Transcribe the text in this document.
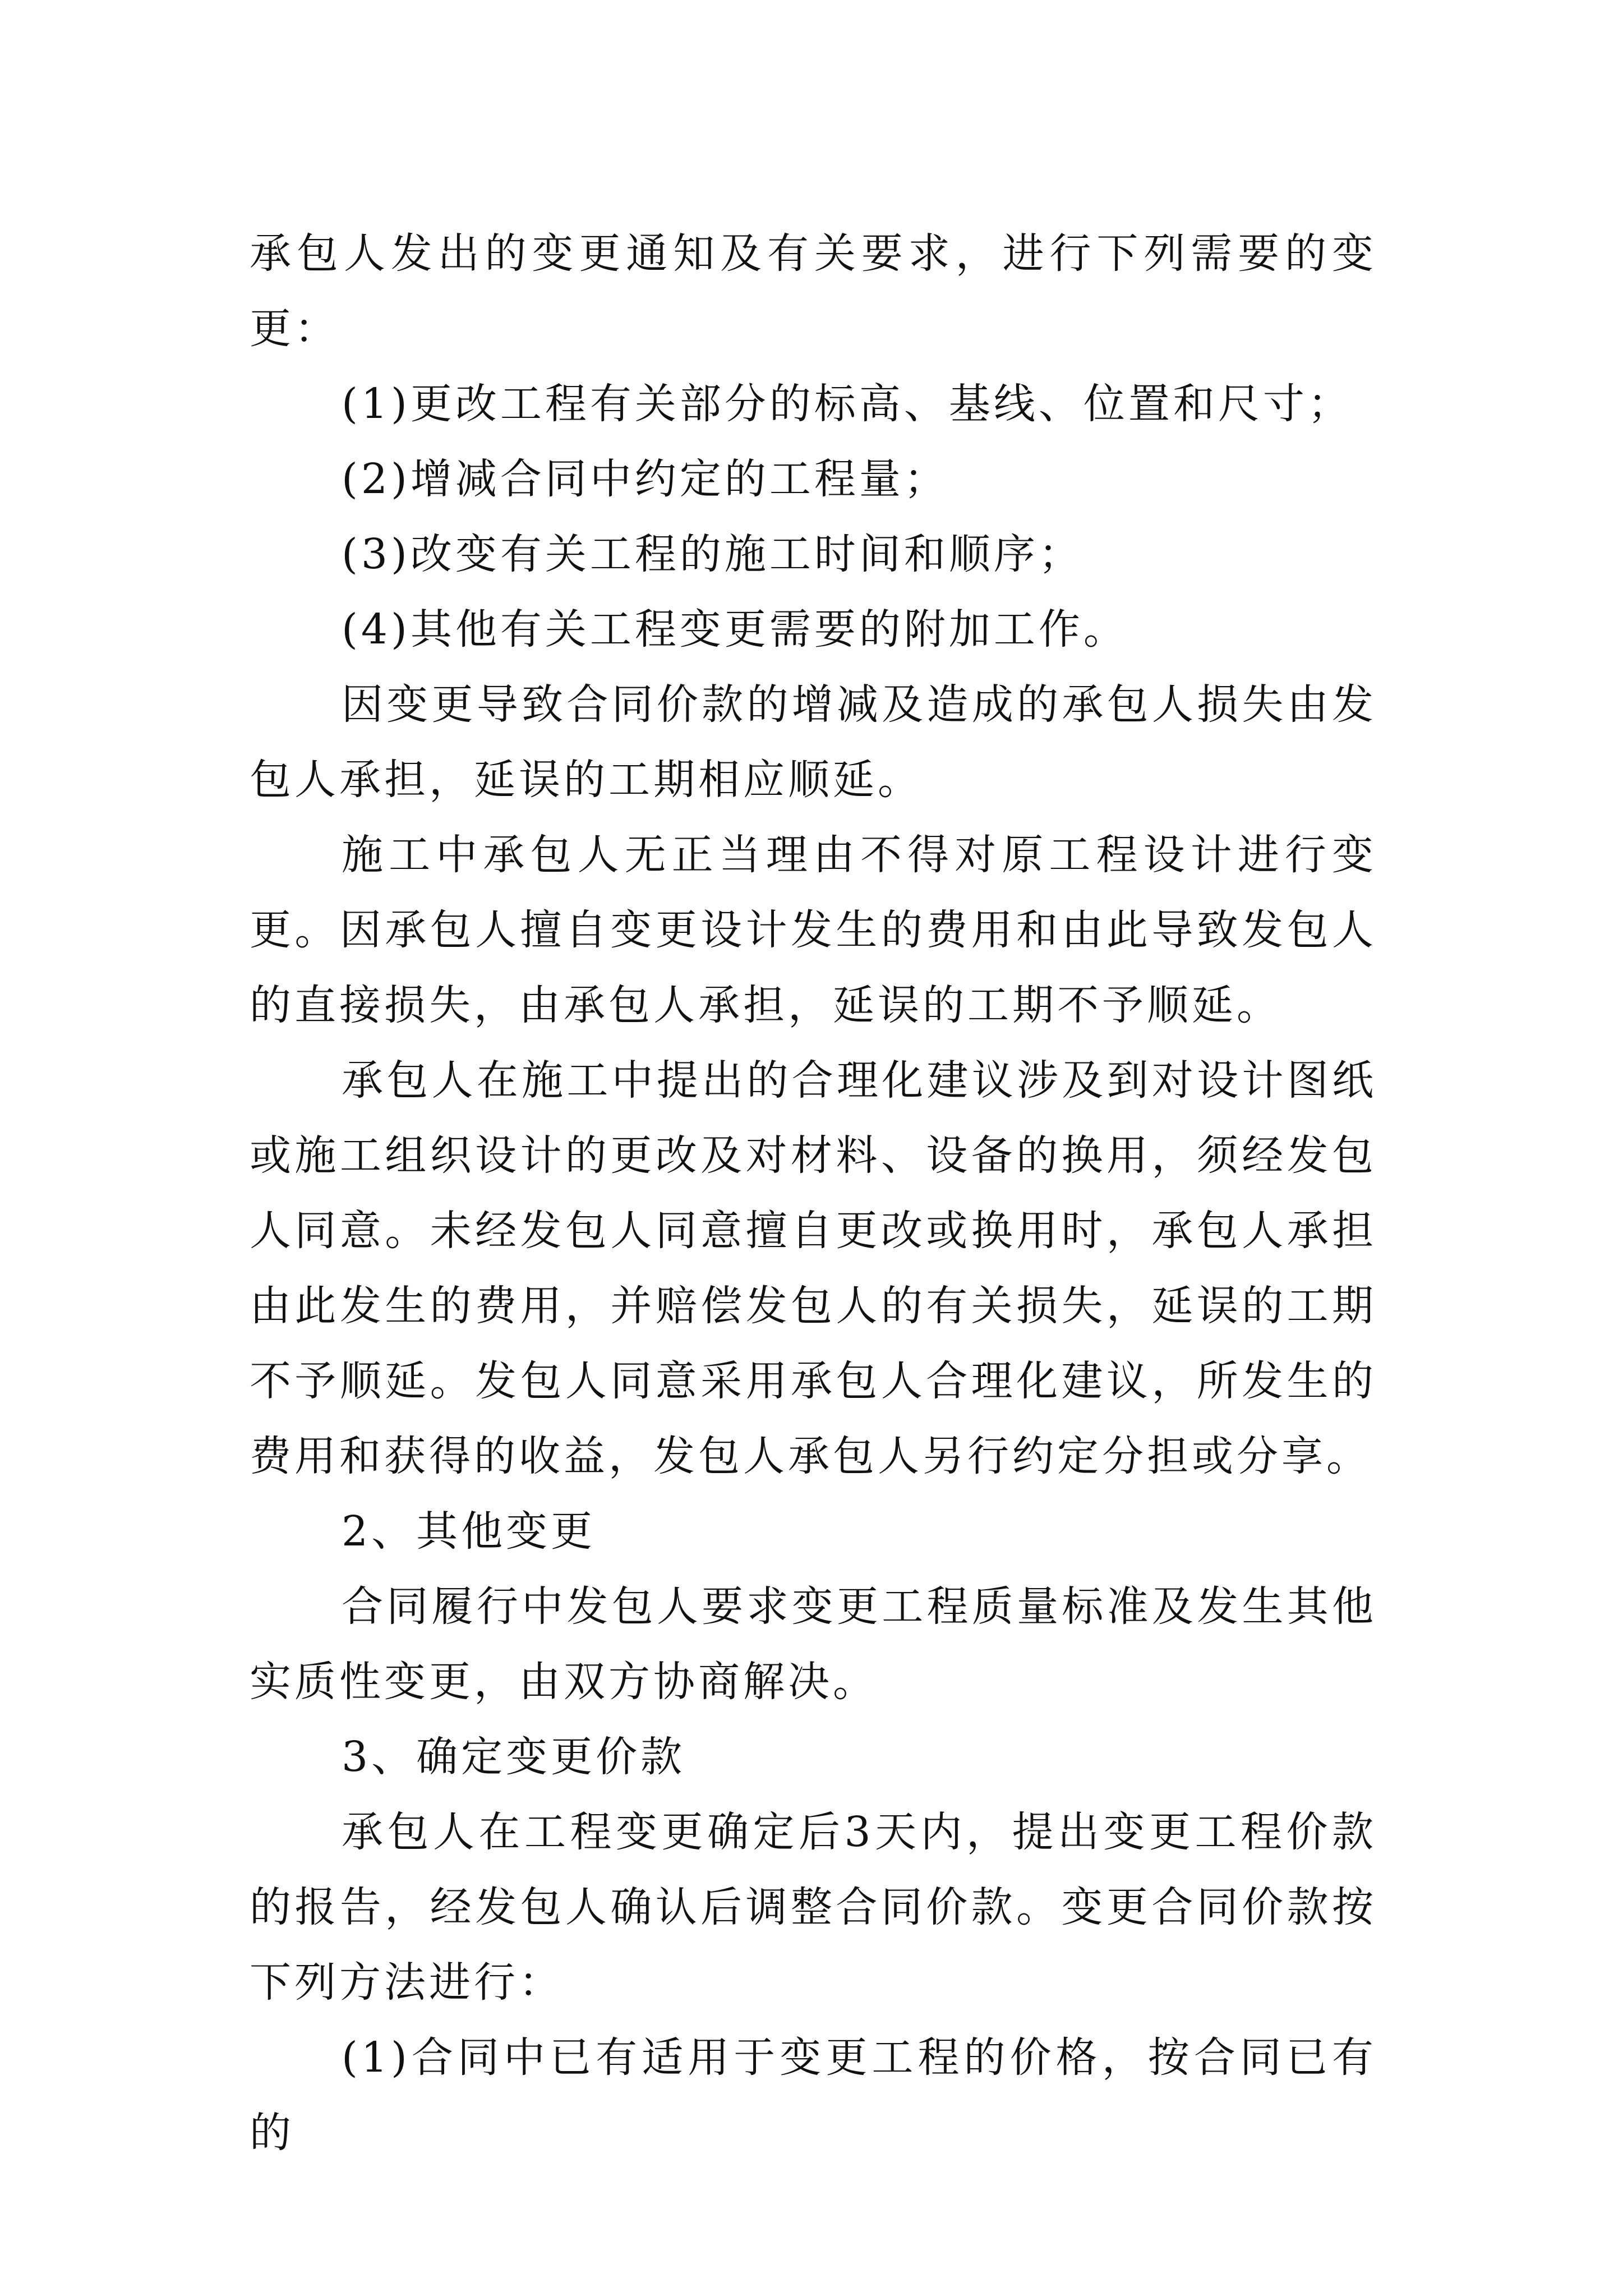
承包人发出的变更通知及有关要求，进行下列需要的变更：

(1)更改工程有关部分的标高、基线、位置和尺寸；

(2)增减合同中约定的工程量；

(3)改变有关工程的施工时间和顺序；

(4)其他有关工程变更需要的附加工作。

因变更导致合同价款的增减及造成的承包人损失由发包人承担，延误的工期相应顺延。

施工中承包人无正当理由不得对原工程设计进行变更。因承包人擅自变更设计发生的费用和由此导致发包人的直接损失，由承包人承担，延误的工期不予顺延。

承包人在施工中提出的合理化建议涉及到对设计图纸或施工组织设计的更改及对材料、设备的换用，须经发包人同意。未经发包人同意擅自更改或换用时，承包人承担由此发生的费用，并赔偿发包人的有关损失，延误的工期不予顺延。发包人同意采用承包人合理化建议，所发生的费用和获得的收益，发包人承包人另行约定分担或分享。

2、其他变更

合同履行中发包人要求变更工程质量标准及发生其他实质性变更，由双方协商解决。

3、确定变更价款

承包人在工程变更确定后3天内，提出变更工程价款的报告，经发包人确认后调整合同价款。变更合同价款按下列方法进行：

(1)合同中已有适用于变更工程的价格，按合同已有的
